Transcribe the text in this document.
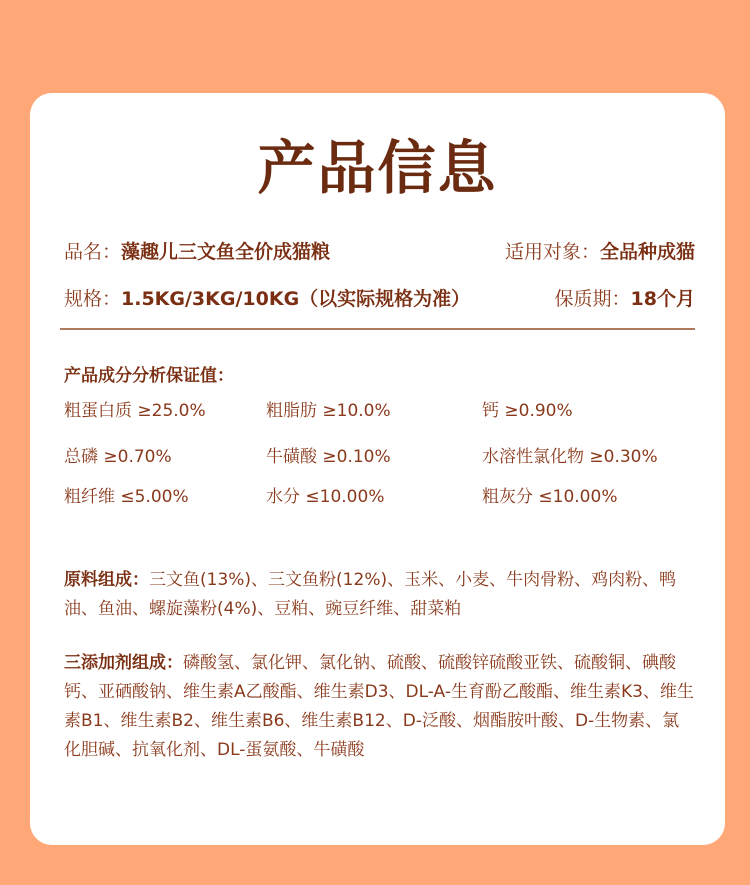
产品信息
品名：藻趣儿三文鱼全价成猫粮	适用对象：全品种成猫
规格：1.5KG/3KG/10KG（以实际规格为准）	保质期：18个月
产品成分分析保证值：
粗蛋白质 ≥25.0%	粗脂肪 ≥10.0%	钙 ≥0.90%
总磷 ≥0.70%	牛磺酸 ≥0.10%	水溶性氯化物 ≥0.30%
粗纤维 ≤5.00%	水分 ≤10.00%	粗灰分 ≤10.00%
原料组成：三文鱼(13%)、三文鱼粉(12%)、玉米、小麦、牛肉骨粉、鸡肉粉、鸭油、鱼油、螺旋藻粉(4%)、豆粕、豌豆纤维、甜菜粕
三添加剂组成：磷酸氢、氯化钾、氯化钠、硫酸、硫酸锌硫酸亚铁、硫酸铜、碘酸钙、亚硒酸钠、维生素A乙酸酯、维生素D3、DL-A-生育酚乙酸酯、维生素K3、维生素B1、维生素B2、维生素B6、维生素B12、D-泛酸、烟酯胺叶酸、D-生物素、氯化胆碱、抗氧化剂、DL-蛋氨酸、牛磺酸
